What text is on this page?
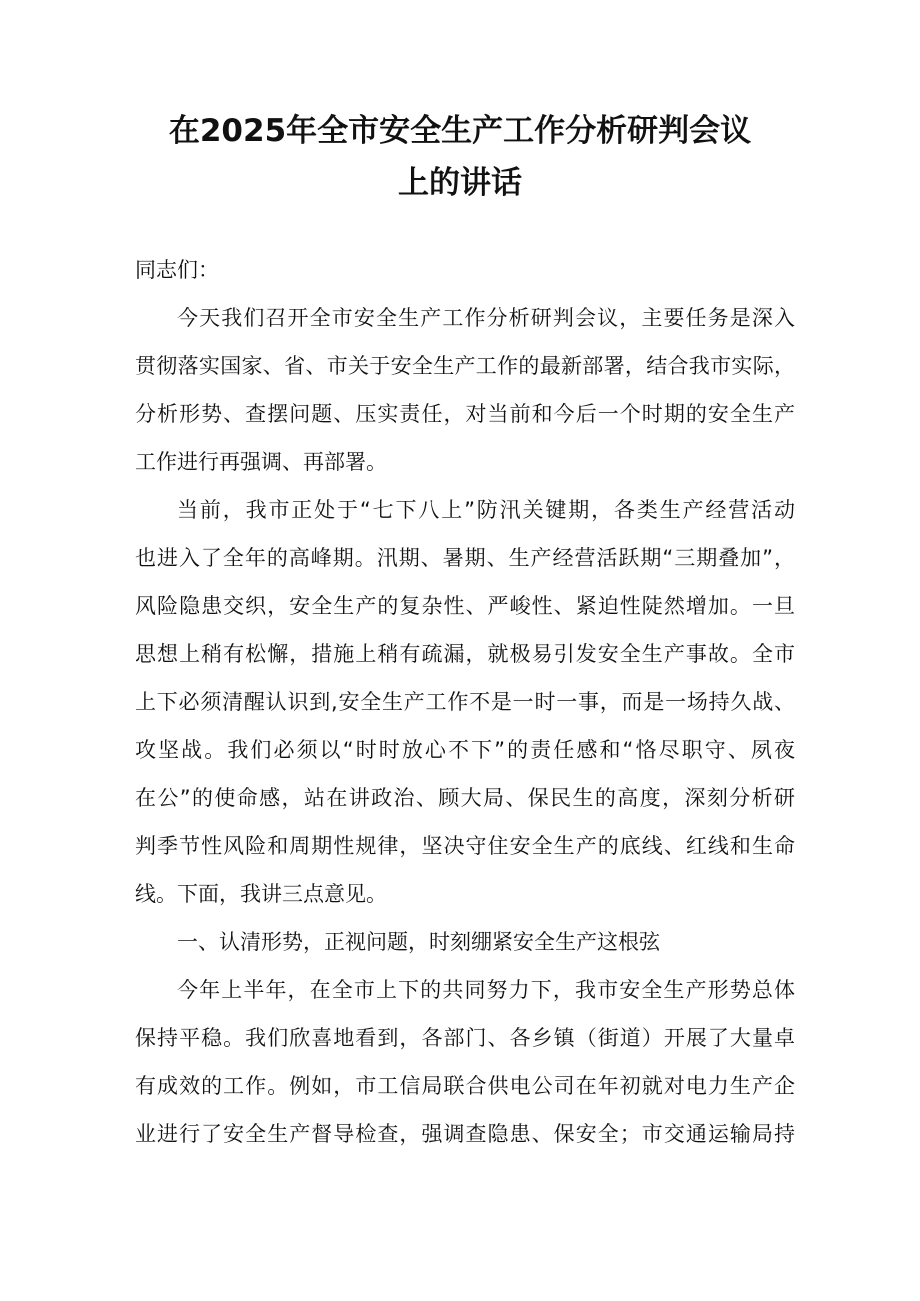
在2025年全市安全生产工作分析研判会议
上的讲话
同志们：
今天我们召开全市安全生产工作分析研判会议，主要任务是深入
贯彻落实国家、省、市关于安全生产工作的最新部署，结合我市实际，
分析形势、查摆问题、压实责任，对当前和今后一个时期的安全生产
工作进行再强调、再部署。
当前，我市正处于“七下八上”防汛关键期，各类生产经营活动
也进入了全年的高峰期。汛期、暑期、生产经营活跃期“三期叠加”，
风险隐患交织，安全生产的复杂性、严峻性、紧迫性陡然增加。一旦
思想上稍有松懈，措施上稍有疏漏，就极易引发安全生产事故。全市
上下必须清醒认识到,安全生产工作不是一时一事，而是一场持久战、
攻坚战。我们必须以“时时放心不下”的责任感和“恪尽职守、夙夜
在公”的使命感，站在讲政治、顾大局、保民生的高度，深刻分析研
判季节性风险和周期性规律，坚决守住安全生产的底线、红线和生命
线。下面，我讲三点意见。
一、认清形势，正视问题，时刻绷紧安全生产这根弦
今年上半年，在全市上下的共同努力下，我市安全生产形势总体
保持平稳。我们欣喜地看到，各部门、各乡镇（街道）开展了大量卓
有成效的工作。例如，市工信局联合供电公司在年初就对电力生产企
业进行了安全生产督导检查，强调查隐患、保安全；市交通运输局持
